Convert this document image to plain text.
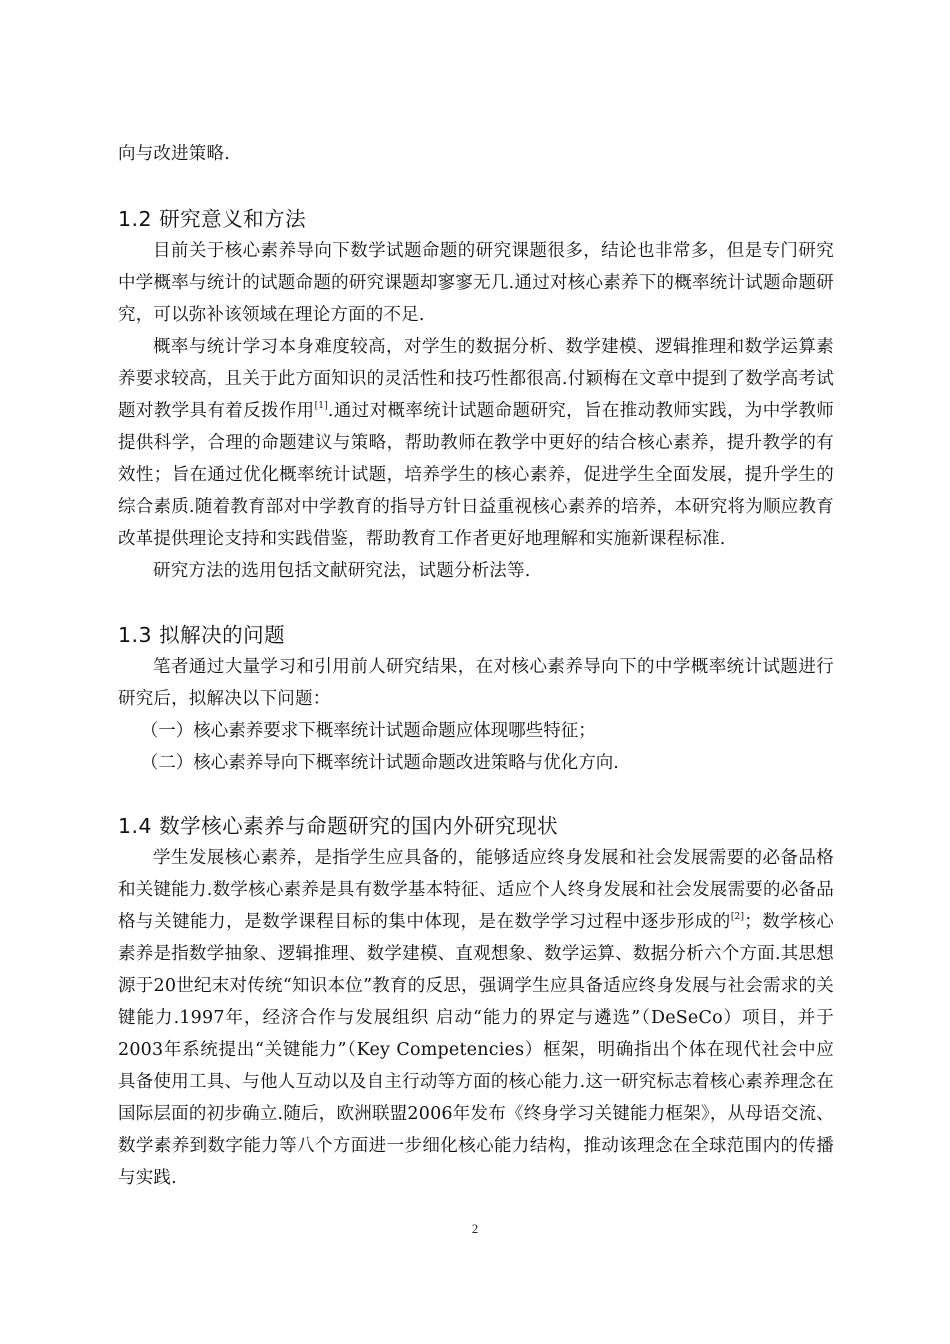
向与改进策略.

1.2 研究意义和方法

目前关于核心素养导向下数学试题命题的研究课题很多，结论也非常多，但是专门研究中学概率与统计的试题命题的研究课题却寥寥无几.通过对核心素养下的概率统计试题命题研究，可以弥补该领域在理论方面的不足.

概率与统计学习本身难度较高，对学生的数据分析、数学建模、逻辑推理和数学运算素养要求较高，且关于此方面知识的灵活性和技巧性都很高.付颖梅在文章中提到了数学高考试题对教学具有着反拨作用[1].通过对概率统计试题命题研究，旨在推动教师实践，为中学教师提供科学，合理的命题建议与策略，帮助教师在教学中更好的结合核心素养，提升教学的有效性；旨在通过优化概率统计试题，培养学生的核心素养，促进学生全面发展，提升学生的综合素质.随着教育部对中学教育的指导方针日益重视核心素养的培养，本研究将为顺应教育改革提供理论支持和实践借鉴，帮助教育工作者更好地理解和实施新课程标准.

研究方法的选用包括文献研究法，试题分析法等.

1.3 拟解决的问题

笔者通过大量学习和引用前人研究结果，在对核心素养导向下的中学概率统计试题进行研究后，拟解决以下问题：

（一）核心素养要求下概率统计试题命题应体现哪些特征；

（二）核心素养导向下概率统计试题命题改进策略与优化方向.

1.4 数学核心素养与命题研究的国内外研究现状

学生发展核心素养，是指学生应具备的，能够适应终身发展和社会发展需要的必备品格和关键能力.数学核心素养是具有数学基本特征、适应个人终身发展和社会发展需要的必备品格与关键能力，是数学课程目标的集中体现，是在数学学习过程中逐步形成的[2]；数学核心素养是指数学抽象、逻辑推理、数学建模、直观想象、数学运算、数据分析六个方面.其思想源于20世纪末对传统“知识本位”教育的反思，强调学生应具备适应终身发展与社会需求的关键能力.1997年，经济合作与发展组织 启动“能力的界定与遴选”（DeSeCo）项目，并于2003年系统提出“关键能力”（Key Competencies）框架，明确指出个体在现代社会中应具备使用工具、与他人互动以及自主行动等方面的核心能力.这一研究标志着核心素养理念在国际层面的初步确立.随后，欧洲联盟2006年发布《终身学习关键能力框架》，从母语交流、数学素养到数字能力等八个方面进一步细化核心能力结构，推动该理念在全球范围内的传播与实践.

2
